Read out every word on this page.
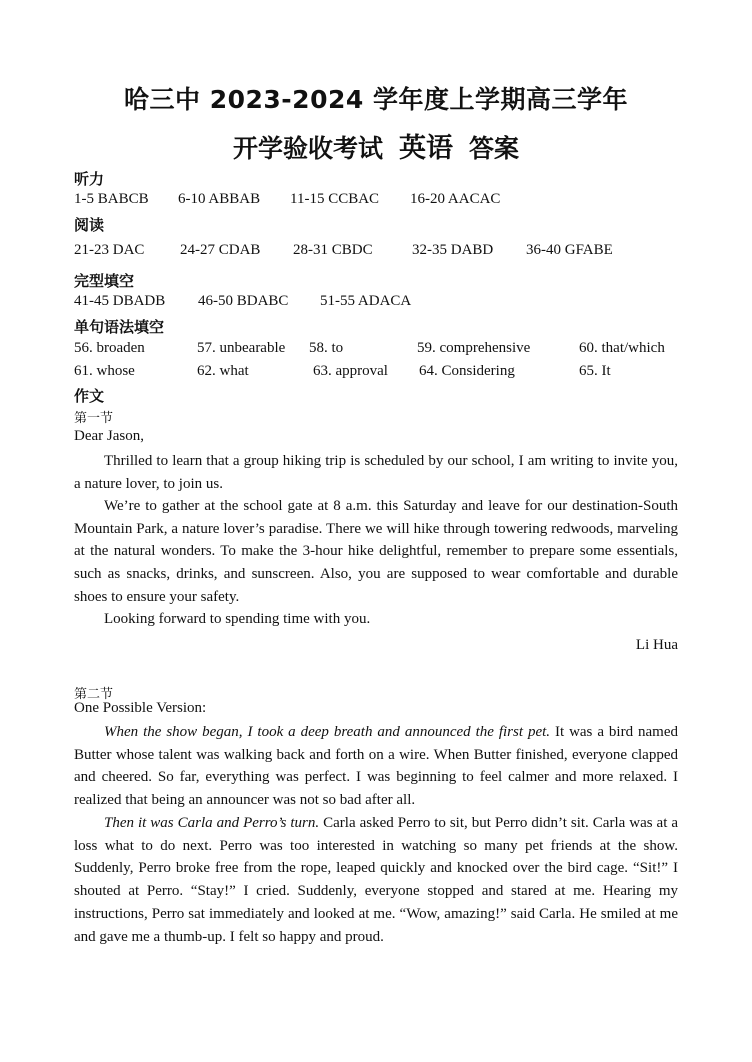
哈三中 2023-2024 学年度上学期高三学年
开学验收考试 英语 答案
听力
1-5 BABCB 6-10 ABBAB 11-15 CCBAC 16-20 AACAC
阅读
21-23 DAC 24-27 CDAB 28-31 CBDC	32-35 DABD 36-40 GFABE
完型填空
41-45 DBADB 46-50 BDABC 51-55 ADACA
单句语法填空
56. broaden	57. unbearable 58. to	59. comprehensive	60. that/which
61. whose	62. what	63. approval 64. Considering	65. It
作文
第一节
Dear Jason,
Thrilled to learn that a group hiking trip is scheduled by our school, I am writing to invite you, a nature lover, to join us.
We’re to gather at the school gate at 8 a.m. this Saturday and leave for our destination-South Mountain Park, a nature lover’s paradise. There we will hike through towering redwoods, marveling at the natural wonders. To make the 3-hour hike delightful, remember to prepare some essentials, such as snacks, drinks, and sunscreen. Also, you are supposed to wear comfortable and durable shoes to ensure your safety.
Looking forward to spending time with you.
Li Hua
第二节
One Possible Version:
When the show began, I took a deep breath and announced the first pet. It was a bird named Butter whose talent was walking back and forth on a wire. When Butter finished, everyone clapped and cheered. So far, everything was perfect. I was beginning to feel calmer and more relaxed. I realized that being an announcer was not so bad after all.
Then it was Carla and Perro’s turn. Carla asked Perro to sit, but Perro didn’t sit. Carla was at a loss what to do next. Perro was too interested in watching so many pet friends at the show. Suddenly, Perro broke free from the rope, leaped quickly and knocked over the bird cage. “Sit!” I shouted at Perro. “Stay!” I cried. Suddenly, everyone stopped and stared at me. Hearing my instructions, Perro sat immediately and looked at me. “Wow, amazing!” said Carla. He smiled at me and gave me a thumb-up. I felt so happy and proud.
